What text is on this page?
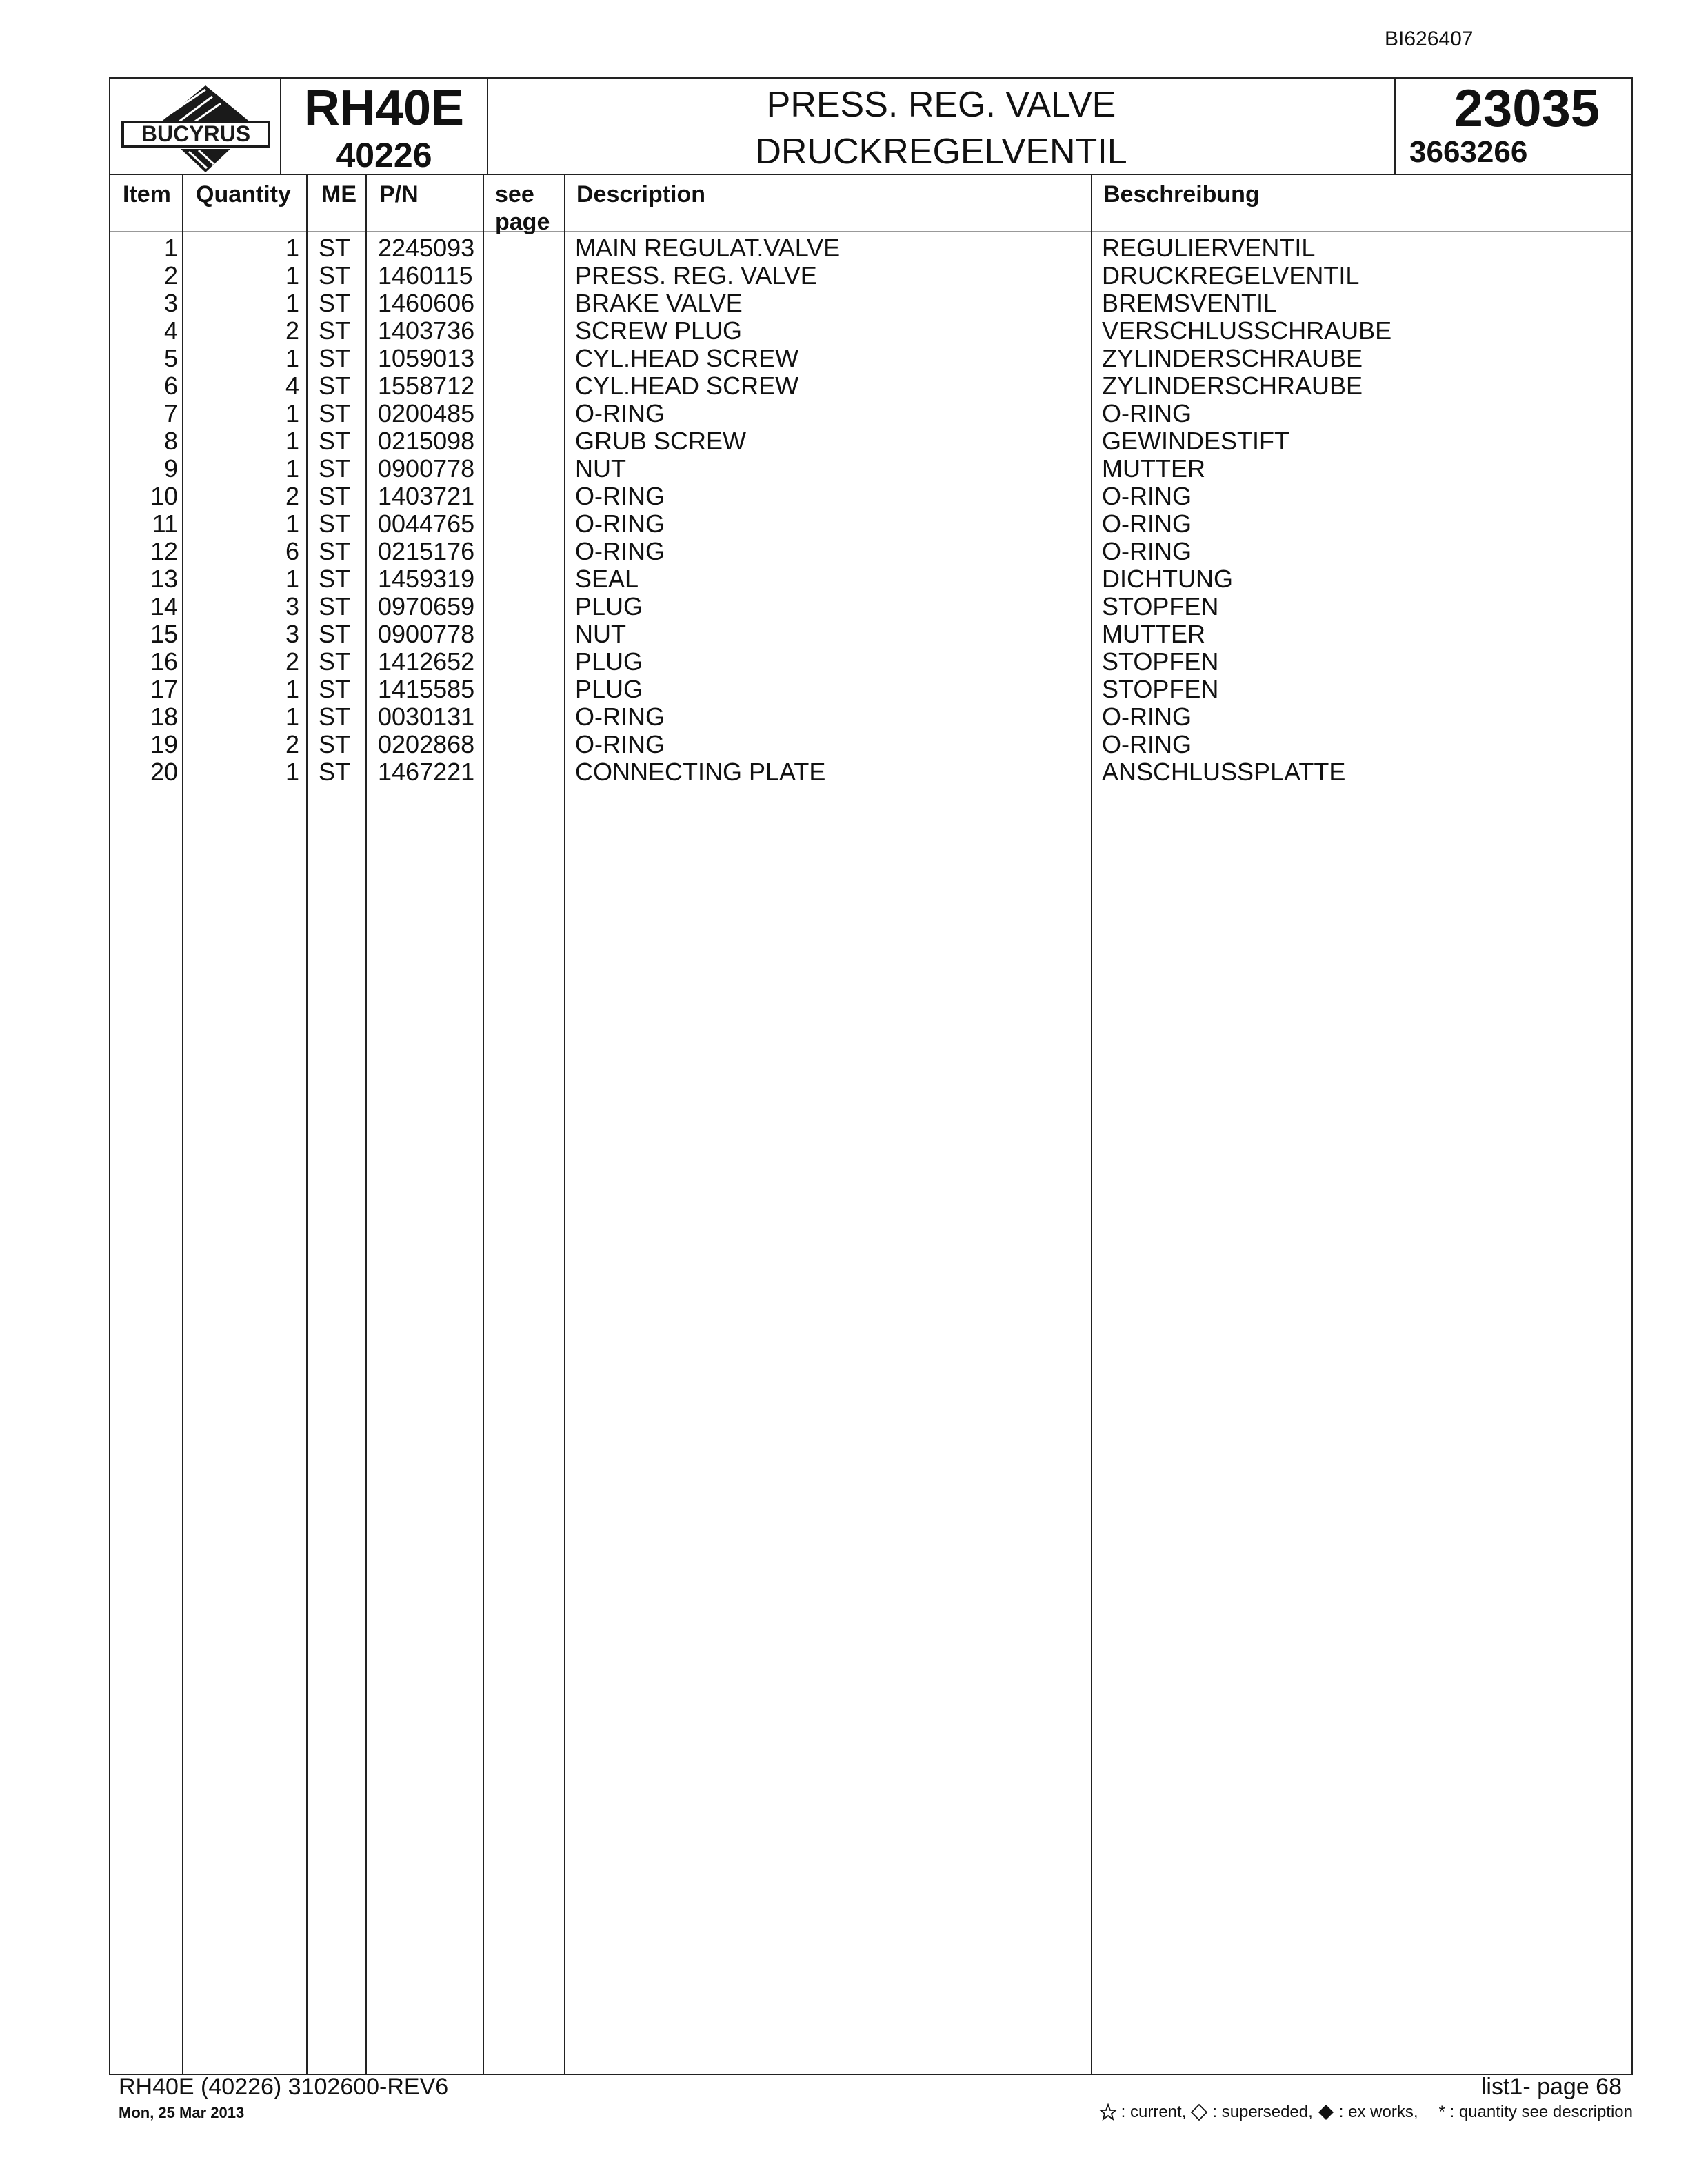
BI626407
BUCYRUS	RH40E
40226
PRESS. REG. VALVE
DRUCKREGELVENTIL
23035
3663266
Item Quantity ME P/N	see
page
Description	Beschreibung
1	1 ST 2245093	MAIN REGULAT.VALVE	REGULIERVENTIL
2	1 ST 1460115	PRESS. REG. VALVE	DRUCKREGELVENTIL
3	1 ST 1460606	BRAKE VALVE	BREMSVENTIL
4	2 ST 1403736	SCREW PLUG	VERSCHLUSSCHRAUBE
5	1 ST 1059013	CYL.HEAD SCREW	ZYLINDERSCHRAUBE
6	4 ST 1558712	CYL.HEAD SCREW	ZYLINDERSCHRAUBE
7	1 ST 0200485	O-RING	O-RING
8	1 ST 0215098	GRUB SCREW	GEWINDESTIFT
9	1 ST 0900778	NUT	MUTTER
10	2 ST 1403721	O-RING	O-RING
11	1 ST 0044765	O-RING	O-RING
12	6 ST 0215176	O-RING	O-RING
13	1 ST 1459319	SEAL	DICHTUNG
14	3 ST 0970659	PLUG	STOPFEN
15	3 ST 0900778	NUT	MUTTER
16	2 ST 1412652	PLUG	STOPFEN
17	1 ST 1415585	PLUG	STOPFEN
18	1 ST 0030131	O-RING	O-RING
19	2 ST 0202868	O-RING	O-RING
20	1 ST 1467221	CONNECTING PLATE	ANSCHLUSSPLATTE
RH40E (40226) 3102600-REV6
Mon, 25 Mar 2013
list1- page 68
: current, : superseded, : ex works, * : quantity see description
